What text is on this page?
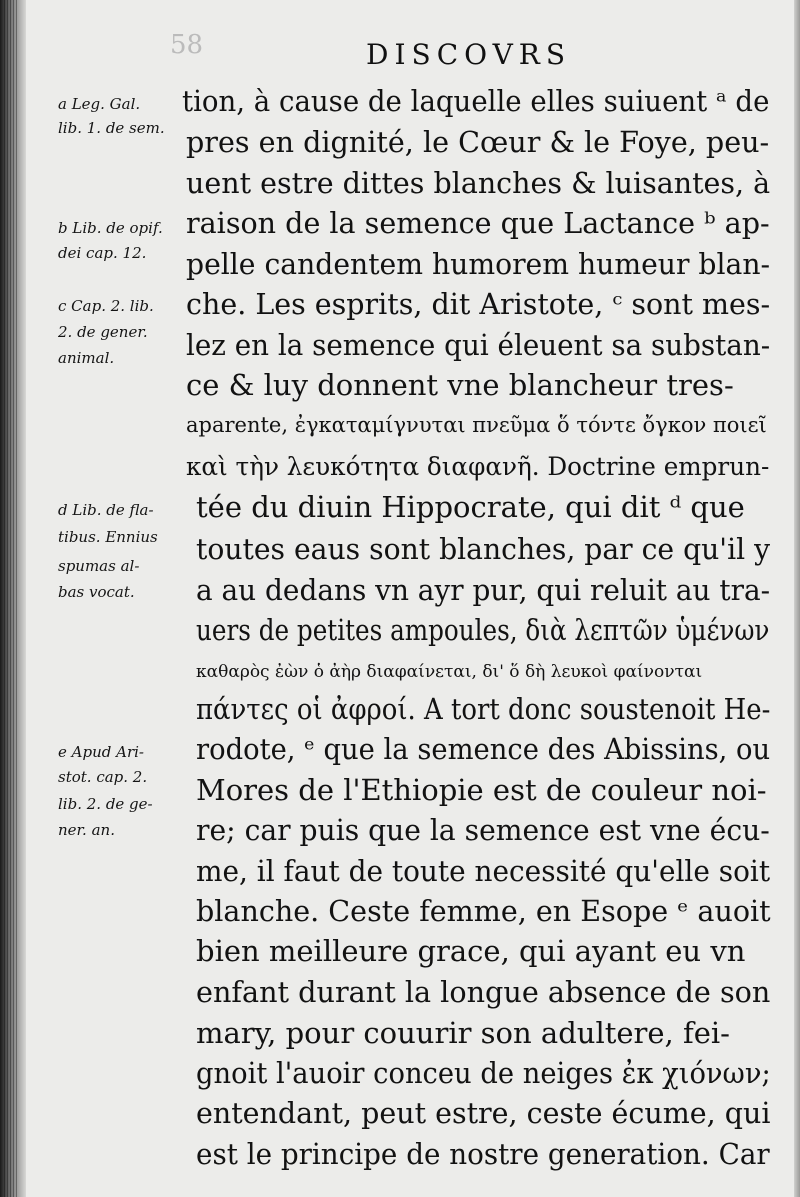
58	DISCOVRS
a Leg. Gal.
lib. 1. de sem.
b Lib. de opif.
dei cap. 12.
c Cap. 2. lib.
2. de gener.
animal.
d Lib. de fla-
tibus. Ennius
spumas al-
bas vocat.
e Apud Ari-
stot. cap. 2.
lib. 2. de ge-
ner. an.
tion, à cause de laquelle elles suiuent ᵃ de
pres en dignité, le Cœur & le Foye, peu-
uent estre dittes blanches & luisantes, à
raison de la semence que Lactance ᵇ ap-
pelle candentem humorem humeur blan-
che. Les esprits, dit Aristote, ᶜ sont mes-
lez en la semence qui éleuent sa substan-
ce & luy donnent vne blancheur tres-
aparente, ἐγκαταμίγνυται πνεῦμα ὅ τόντε ὄγκον ποιεῖ
καὶ τὴν λευκότητα διαφανῆ. Doctrine emprun-
tée du diuin Hippocrate, qui dit ᵈ que
toutes eaus sont blanches, par ce qu'il y
a au dedans vn ayr pur, qui reluit au tra-
uers de petites ampoules, διὰ λεπτῶν ὑμένων
καθαρὸς ἐὼν ὁ ἀὴρ διαφαίνεται, δι' ὅ δὴ λευκοὶ φαίνονται
πάντες οἱ ἀφροί. A tort donc soustenoit He-
rodote, ᵉ que la semence des Abissins, ou
Mores de l'Ethiopie est de couleur noi-
re; car puis que la semence est vne écu-
me, il faut de toute necessité qu'elle soit
blanche. Ceste femme, en Esope ᵉ auoit
bien meilleure grace, qui ayant eu vn
enfant durant la longue absence de son
mary, pour couurir son adultere, fei-
gnoit l'auoir conceu de neiges ἐκ χιόνων;
entendant, peut estre, ceste écume, qui
est le principe de nostre generation. Car
